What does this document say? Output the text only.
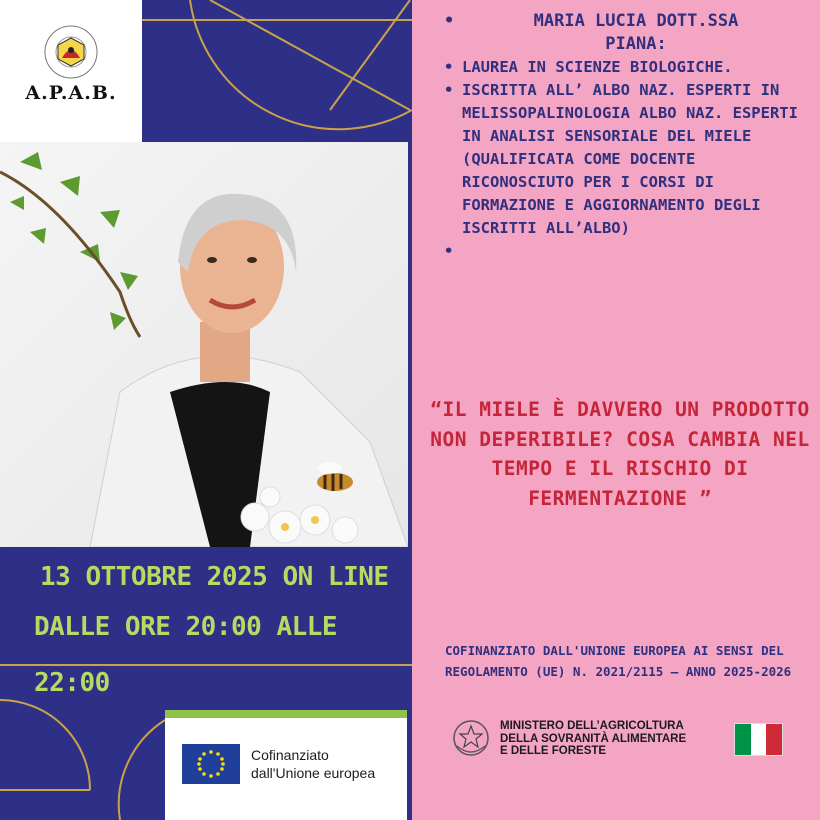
A.P.A.B.
13 OTTOBRE 2025 ON LINE
DALLE ORE 20:00 ALLE
22:00
Cofinanziato
dall'Unione europea
•	MARIA LUCIA DOTT.SSA
PIANA:
• LAUREA IN SCIENZE BIOLOGICHE.
• ISCRITTA ALL’ ALBO NAZ. ESPERTI IN MELISSOPALINOLOGIA ALBO NAZ. ESPERTI IN ANALISI SENSORIALE DEL MIELE (QUALIFICATA COME DOCENTE RICONOSCIUTO PER I CORSI DI FORMAZIONE E AGGIORNAMENTO DEGLI ISCRITTI ALL’ALBO)
•

“IL MIELE È DAVVERO UN PRODOTTO NON DEPERIBILE? COSA CAMBIA NEL TEMPO E IL RISCHIO DI FERMENTAZIONE ”
COFINANZIATO DALL'UNIONE EUROPEA AI SENSI DEL REGOLAMENTO (UE) N. 2021/2115 – ANNO 2025-2026
MINISTERO DELL’AGRICOLTURA
DELLA SOVRANITÀ ALIMENTARE
E DELLE FORESTE
